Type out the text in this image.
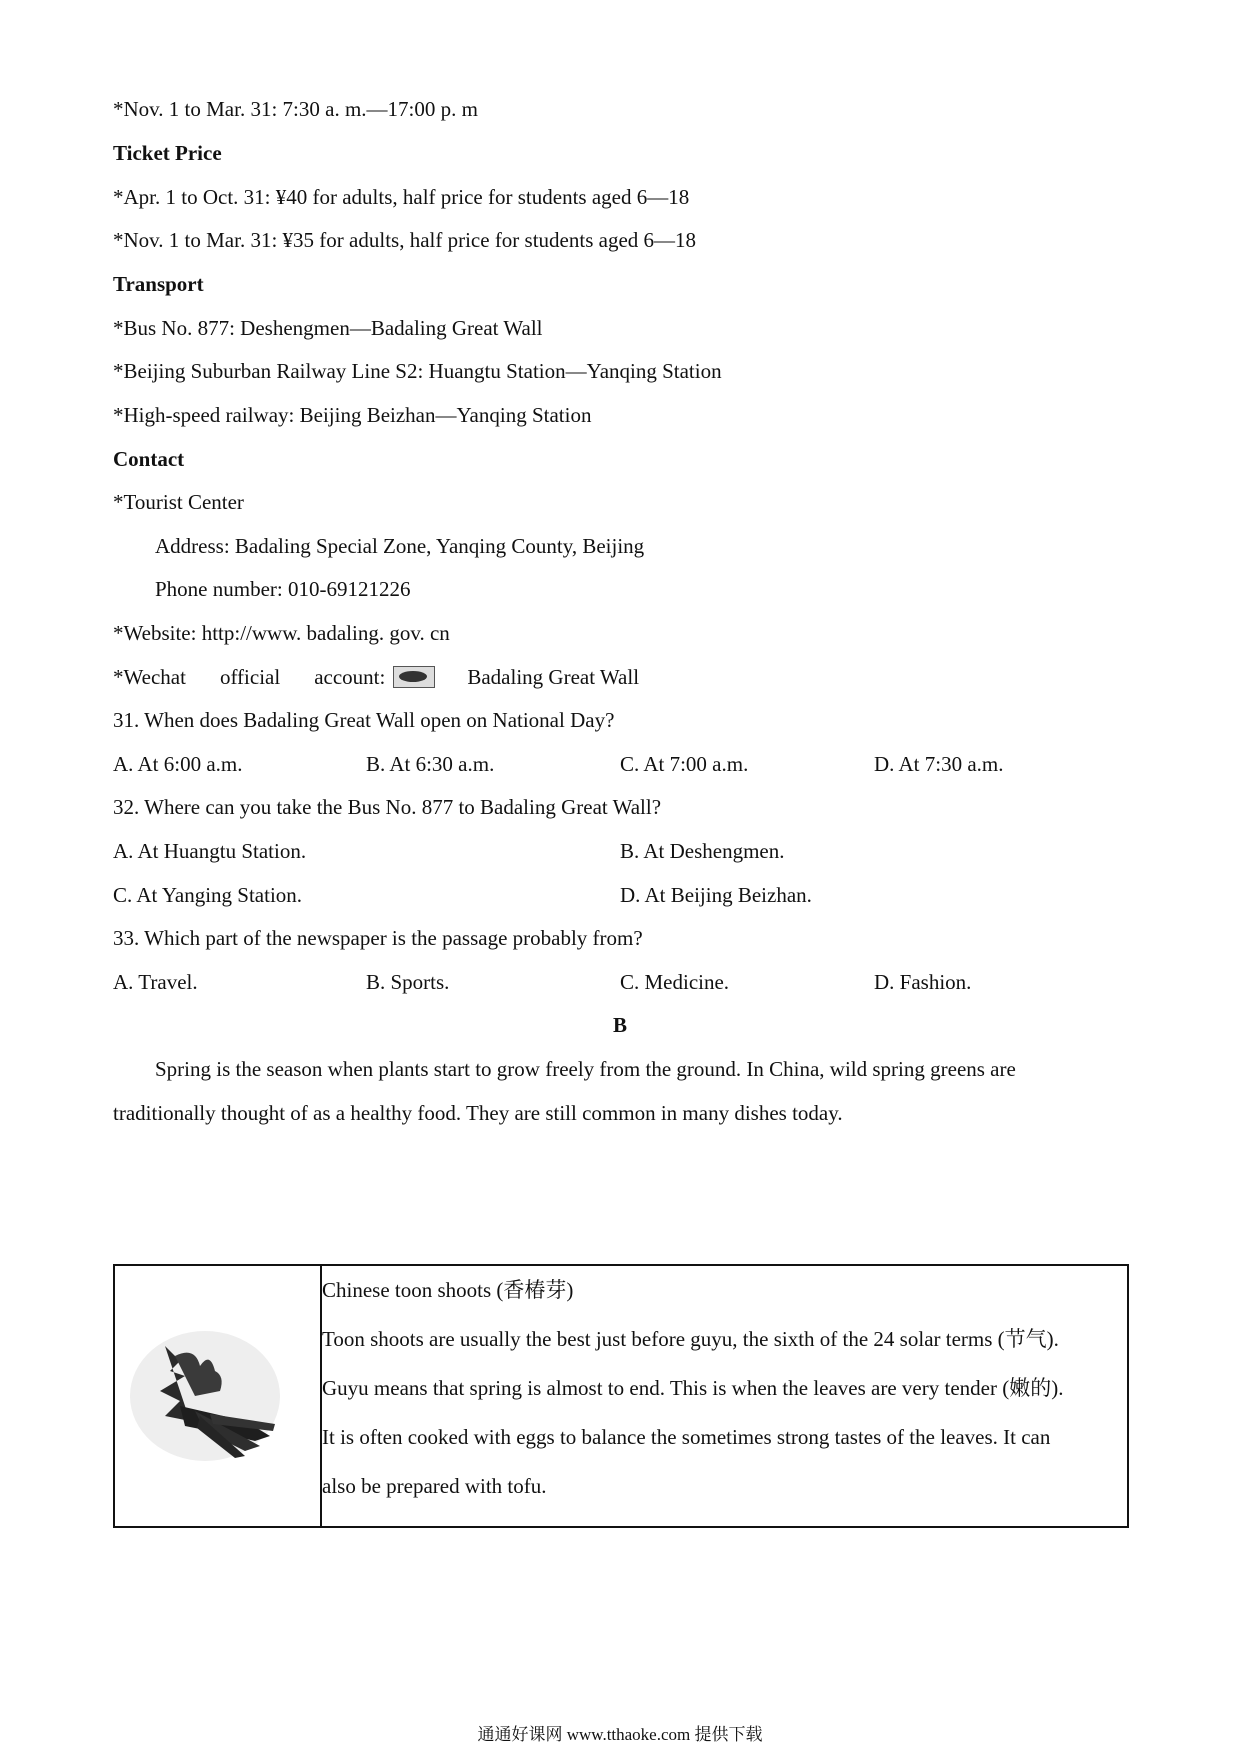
*Nov. 1 to Mar. 31: 7:30 a. m.—17:00 p. m
Ticket Price
*Apr. 1 to Oct. 31: ¥40 for adults, half price for students aged 6—18
*Nov. 1 to Mar. 31: ¥35 for adults, half price for students aged 6—18
Transport
*Bus No. 877: Deshengmen—Badaling Great Wall
*Beijing Suburban Railway Line S2: Huangtu Station—Yanqing Station
*High-speed railway: Beijing Beizhan—Yanqing Station
Contact
*Tourist Center
Address: Badaling Special Zone, Yanqing County, Beijing
Phone number: 010-69121226
*Website: http://www. badaling. gov. cn
*Wechat official account:	Badaling Great Wall
31. When does Badaling Great Wall open on National Day?
A. At 6:00 a.m.	B. At 6:30 a.m.	C. At 7:00 a.m.	D. At 7:30 a.m.
32. Where can you take the Bus No. 877 to Badaling Great Wall?
A. At Huangtu Station.	B. At Deshengmen.
C. At Yanging Station.	D. At Beijing Beizhan.
33. Which part of the newspaper is the passage probably from?
A. Travel.	B. Sports.	C. Medicine.	D. Fashion.
B
Spring is the season when plants start to grow freely from the ground. In China, wild spring greens are
traditionally thought of as a healthy food. They are still common in many dishes today.

Chinese toon shoots (香椿芽)
Toon shoots are usually the best just before guyu, the sixth of the 24 solar terms (节气).
Guyu means that spring is almost to end. This is when the leaves are very tender (嫩的).
It is often cooked with eggs to balance the sometimes strong tastes of the leaves. It can
also be prepared with tofu.
通通好课网 www.tthaoke.com 提供下载
